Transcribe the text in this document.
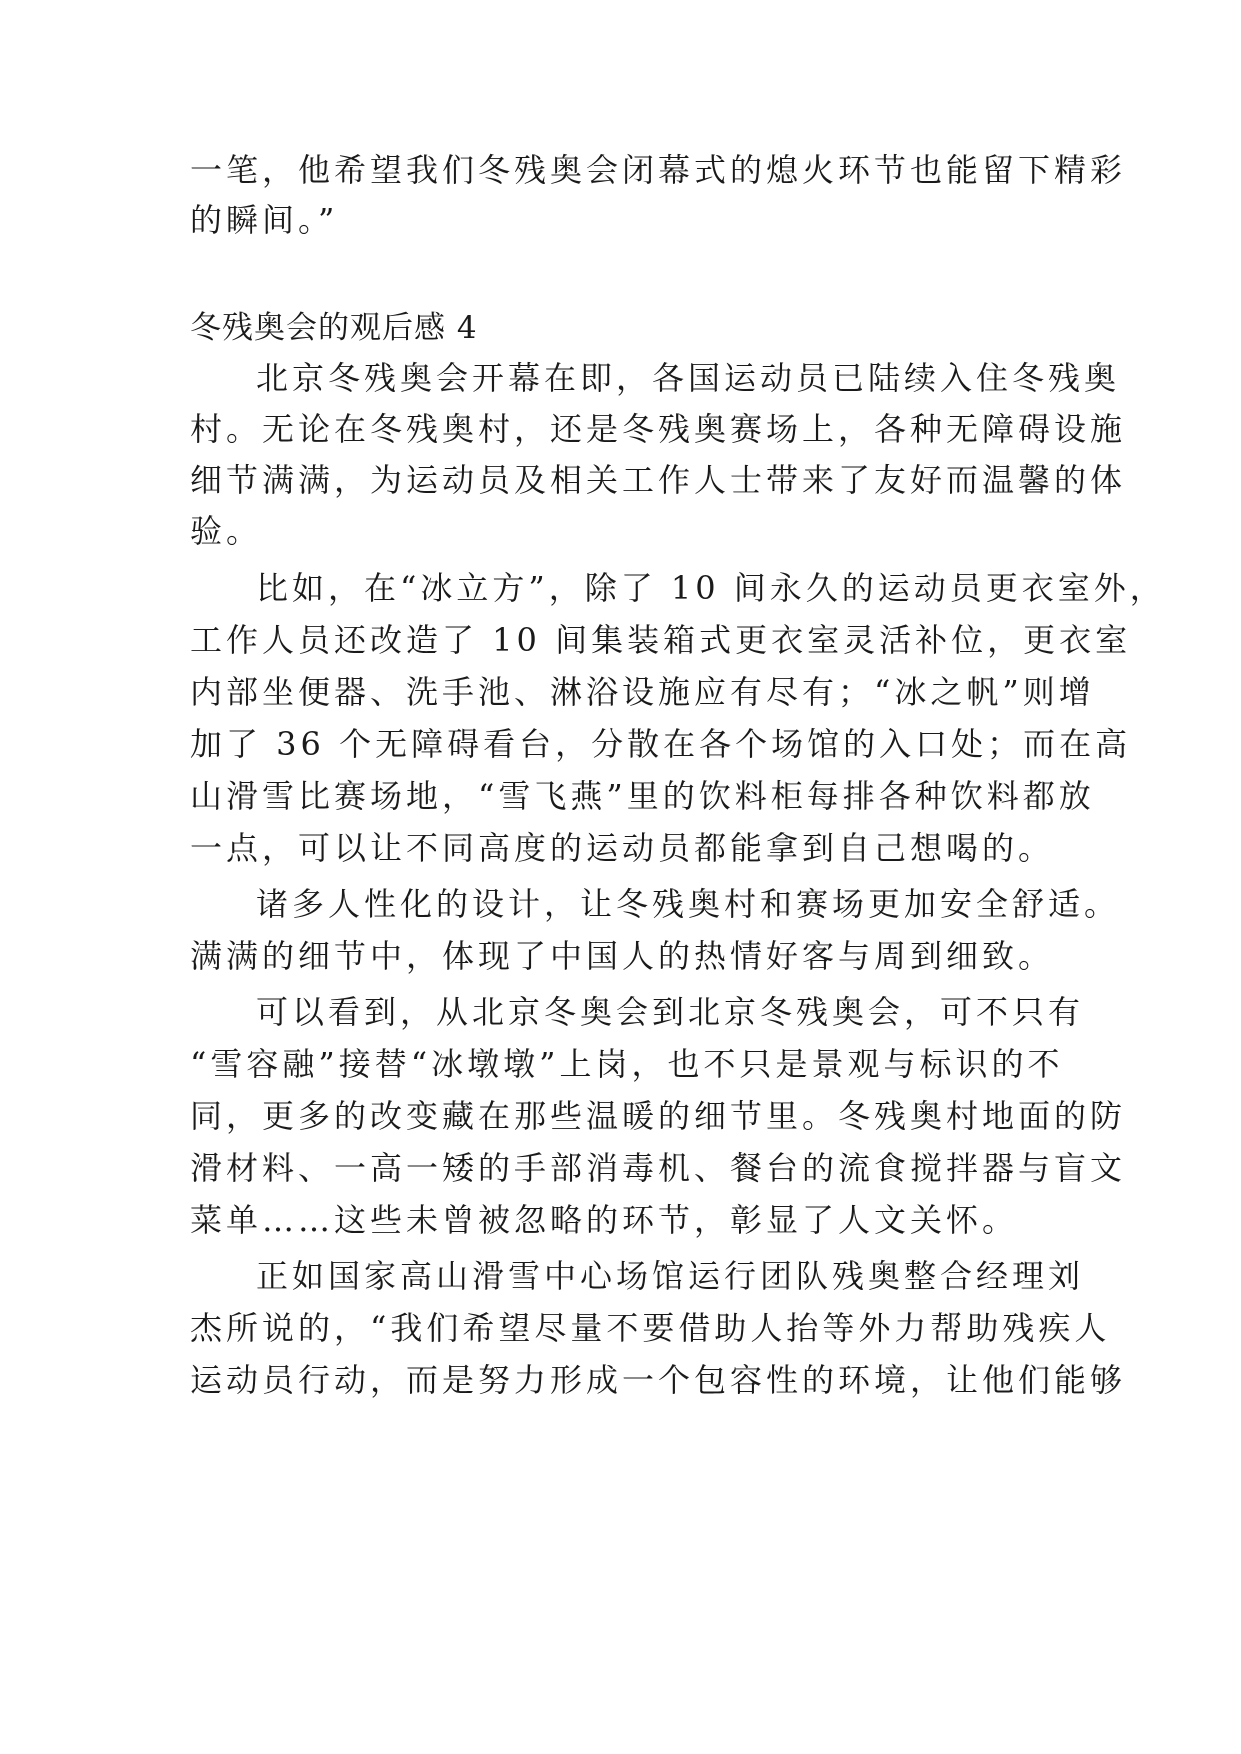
一笔，他希望我们冬残奥会闭幕式的熄火环节也能留下精彩
的瞬间。”
冬残奥会的观后感 4
北京冬残奥会开幕在即，各国运动员已陆续入住冬残奥
村。无论在冬残奥村，还是冬残奥赛场上，各种无障碍设施
细节满满，为运动员及相关工作人士带来了友好而温馨的体
验。
比如，在“冰立方”，除了 10 间永久的运动员更衣室外，
工作人员还改造了 10 间集装箱式更衣室灵活补位，更衣室
内部坐便器、洗手池、淋浴设施应有尽有；“冰之帆”则增
加了 36 个无障碍看台，分散在各个场馆的入口处；而在高
山滑雪比赛场地，“雪飞燕”里的饮料柜每排各种饮料都放
一点，可以让不同高度的运动员都能拿到自己想喝的。
诸多人性化的设计，让冬残奥村和赛场更加安全舒适。
满满的细节中，体现了中国人的热情好客与周到细致。
可以看到，从北京冬奥会到北京冬残奥会，可不只有
“雪容融”接替“冰墩墩”上岗，也不只是景观与标识的不
同，更多的改变藏在那些温暖的细节里。冬残奥村地面的防
滑材料、一高一矮的手部消毒机、餐台的流食搅拌器与盲文
菜单……这些未曾被忽略的环节，彰显了人文关怀。
正如国家高山滑雪中心场馆运行团队残奥整合经理刘
杰所说的，“我们希望尽量不要借助人抬等外力帮助残疾人
运动员行动，而是努力形成一个包容性的环境，让他们能够
